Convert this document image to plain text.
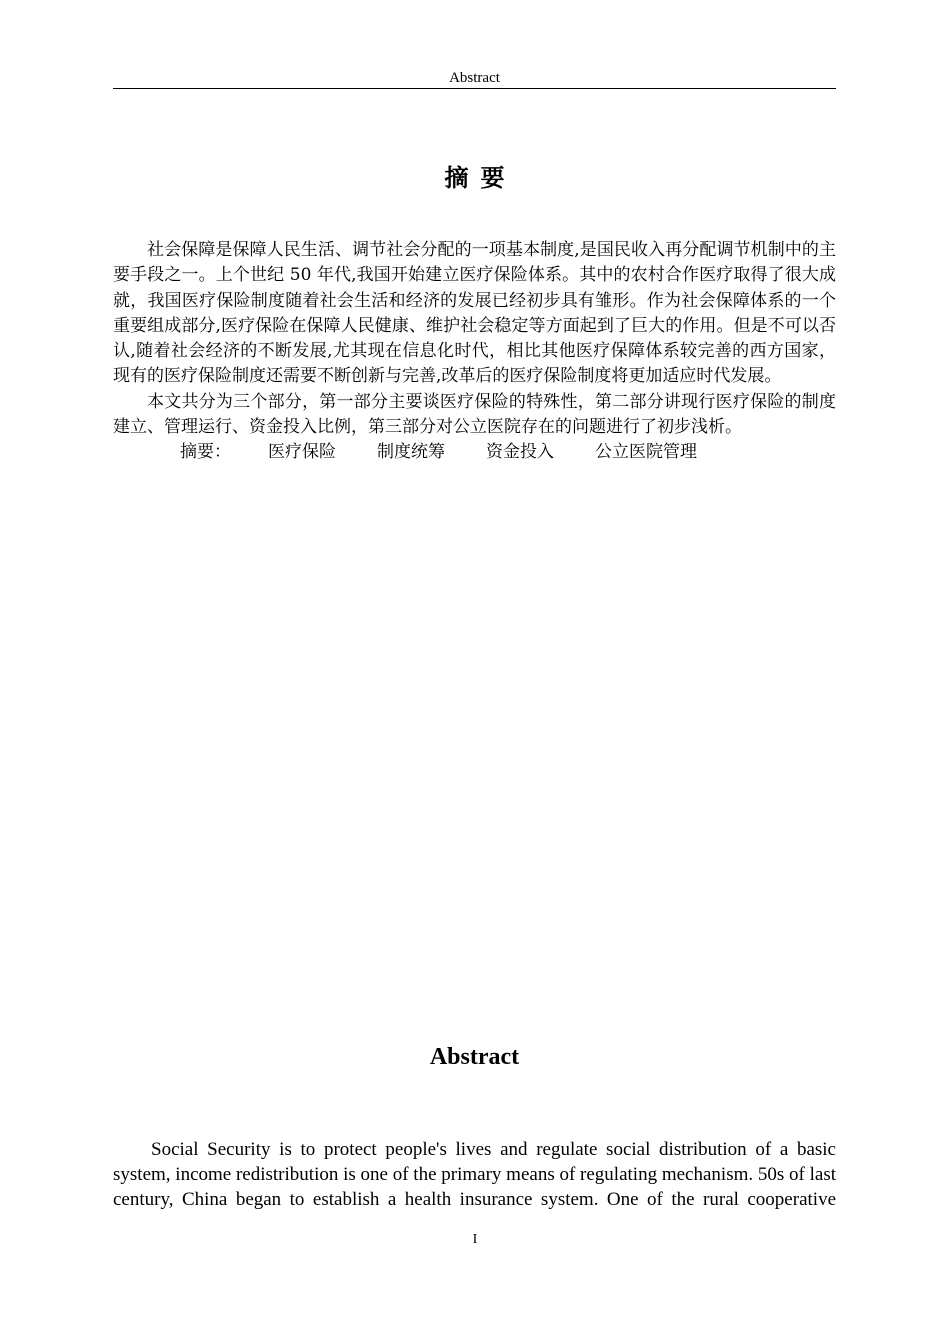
Abstract
摘要

社会保障是保障人民生活、调节社会分配的一项基本制度,是国民收入再分配调节机制中的主要手段之一。上个世纪 50 年代,我国开始建立医疗保险体系。其中的农村合作医疗取得了很大成就，我国医疗保险制度随着社会生活和经济的发展已经初步具有雏形。作为社会保障体系的一个重要组成部分,医疗保险在保障人民健康、维护社会稳定等方面起到了巨大的作用。但是不可以否认,随着社会经济的不断发展,尤其现在信息化时代，相比其他医疗保障体系较完善的西方国家，现有的医疗保险制度还需要不断创新与完善,改革后的医疗保险制度将更加适应时代发展。

本文共分为三个部分，第一部分主要谈医疗保险的特殊性，第二部分讲现行医疗保险的制度建立、管理运行、资金投入比例，第三部分对公立医院存在的问题进行了初步浅析。

摘要： 医疗保险 制度统筹 资金投入 公立医院管理
Abstract

Social Security is to protect people's lives and regulate social distribution of a basic system, income redistribution is one of the primary means of regulating mechanism. 50s of last century, China began to establish a health insurance system. One of the rural cooperative

I
